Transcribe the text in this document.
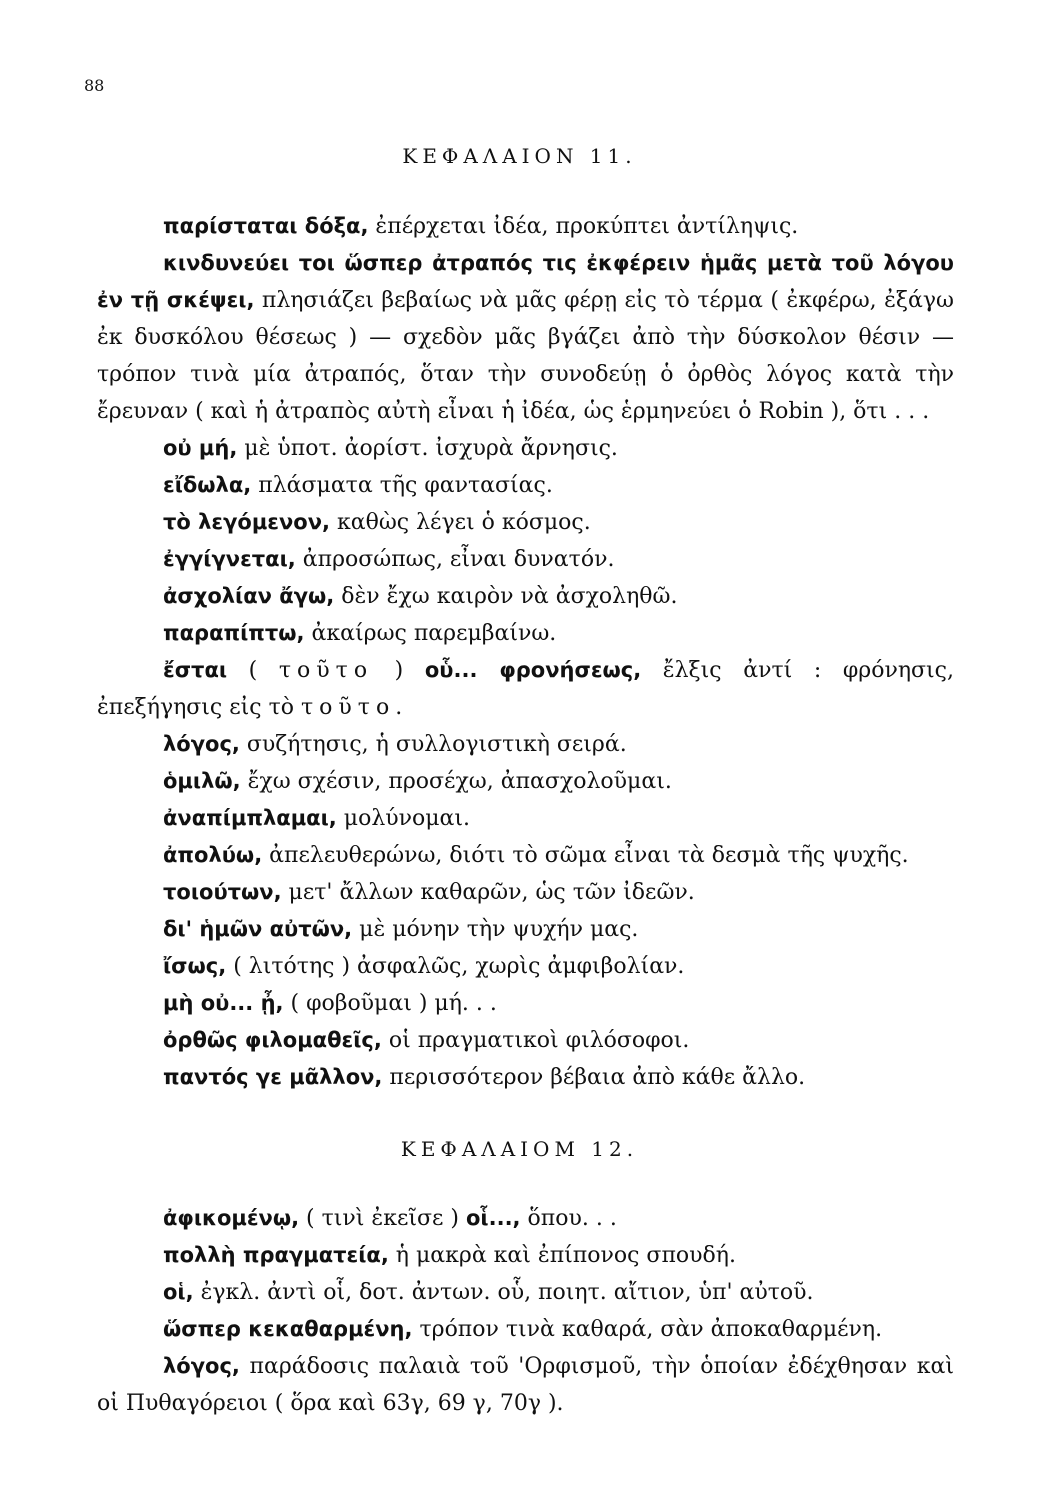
88
ΚΕΦΑΛΑΙΟΝ 11.

παρίσταται δόξα, ἐπέρχεται ἰδέα, προκύπτει ἀντίληψις.

κινδυνεύει τοι ὥσπερ ἀτραπός τις ἐκφέρειν ἡμᾶς μετὰ τοῦ λόγου ἐν τῇ σκέψει, πλησιάζει βεβαίως νὰ μᾶς φέρῃ εἰς τὸ τέρμα ( ἐκφέρω, ἐξάγω ἐκ δυσκόλου θέσεως ) — σχεδὸν μᾶς βγάζει ἀπὸ τὴν δύσκολον θέσιν — τρόπον τινὰ μία ἀτραπός, ὅταν τὴν συνοδεύῃ ὁ ὀρθὸς λόγος κατὰ τὴν ἔρευναν ( καὶ ἡ ἀτραπὸς αὐτὴ εἶναι ἡ ἰδέα, ὡς ἑρμηνεύει ὁ Robin ), ὅτι . . .

οὐ μή, μὲ ὑποτ. ἀορίστ. ἰσχυρὰ ἄρνησις.

εἴδωλα, πλάσματα τῆς φαντασίας.

τὸ λεγόμενον, καθὼς λέγει ὁ κόσμος.

ἐγγίγνεται, ἀπροσώπως, εἶναι δυνατόν.

ἀσχολίαν ἄγω, δὲν ἔχω καιρὸν νὰ ἀσχοληθῶ.

παραπίπτω, ἀκαίρως παρεμβαίνω.

ἔσται ( τοῦτο ) οὗ... φρονήσεως, ἔλξις ἀντί : φρόνησις, ἐπεξήγησις εἰς τὸ τοῦτο.

λόγος, συζήτησις, ἡ συλλογιστικὴ σειρά.

ὁμιλῶ, ἔχω σχέσιν, προσέχω, ἀπασχολοῦμαι.

ἀναπίμπλαμαι, μολύνομαι.

ἀπολύω, ἀπελευθερώνω, διότι τὸ σῶμα εἶναι τὰ δεσμὰ τῆς ψυχῆς.

τοιούτων, μετ' ἄλλων καθαρῶν, ὡς τῶν ἰδεῶν.

δι' ἡμῶν αὐτῶν, μὲ μόνην τὴν ψυχήν μας.

ἴσως, ( λιτότης ) ἀσφαλῶς, χωρὶς ἀμφιβολίαν.

μὴ οὐ... ᾖ, ( φοβοῦμαι ) μή. . .

ὀρθῶς φιλομαθεῖς, οἱ πραγματικοὶ φιλόσοφοι.

παντός γε μᾶλλον, περισσότερον βέβαια ἀπὸ κάθε ἄλλο.

ΚΕΦΑΛΑΙΟΜ 12.

ἀφικομένῳ, ( τινὶ ἐκεῖσε ) οἷ..., ὅπου. . .

πολλὴ πραγματεία, ἡ μακρὰ καὶ ἐπίπονος σπουδή.

οἱ, ἐγκλ. ἀντὶ οἷ, δοτ. ἀντων. οὗ, ποιητ. αἴτιον, ὑπ' αὐτοῦ.

ὥσπερ κεκαθαρμένη, τρόπον τινὰ καθαρά, σὰν ἀποκαθαρμένη.

λόγος, παράδοσις παλαιὰ τοῦ 'Ορφισμοῦ, τὴν ὁποίαν ἐδέχθησαν καὶ οἱ Πυθαγόρειοι ( ὅρα καὶ 63γ, 69 γ, 70γ ).
